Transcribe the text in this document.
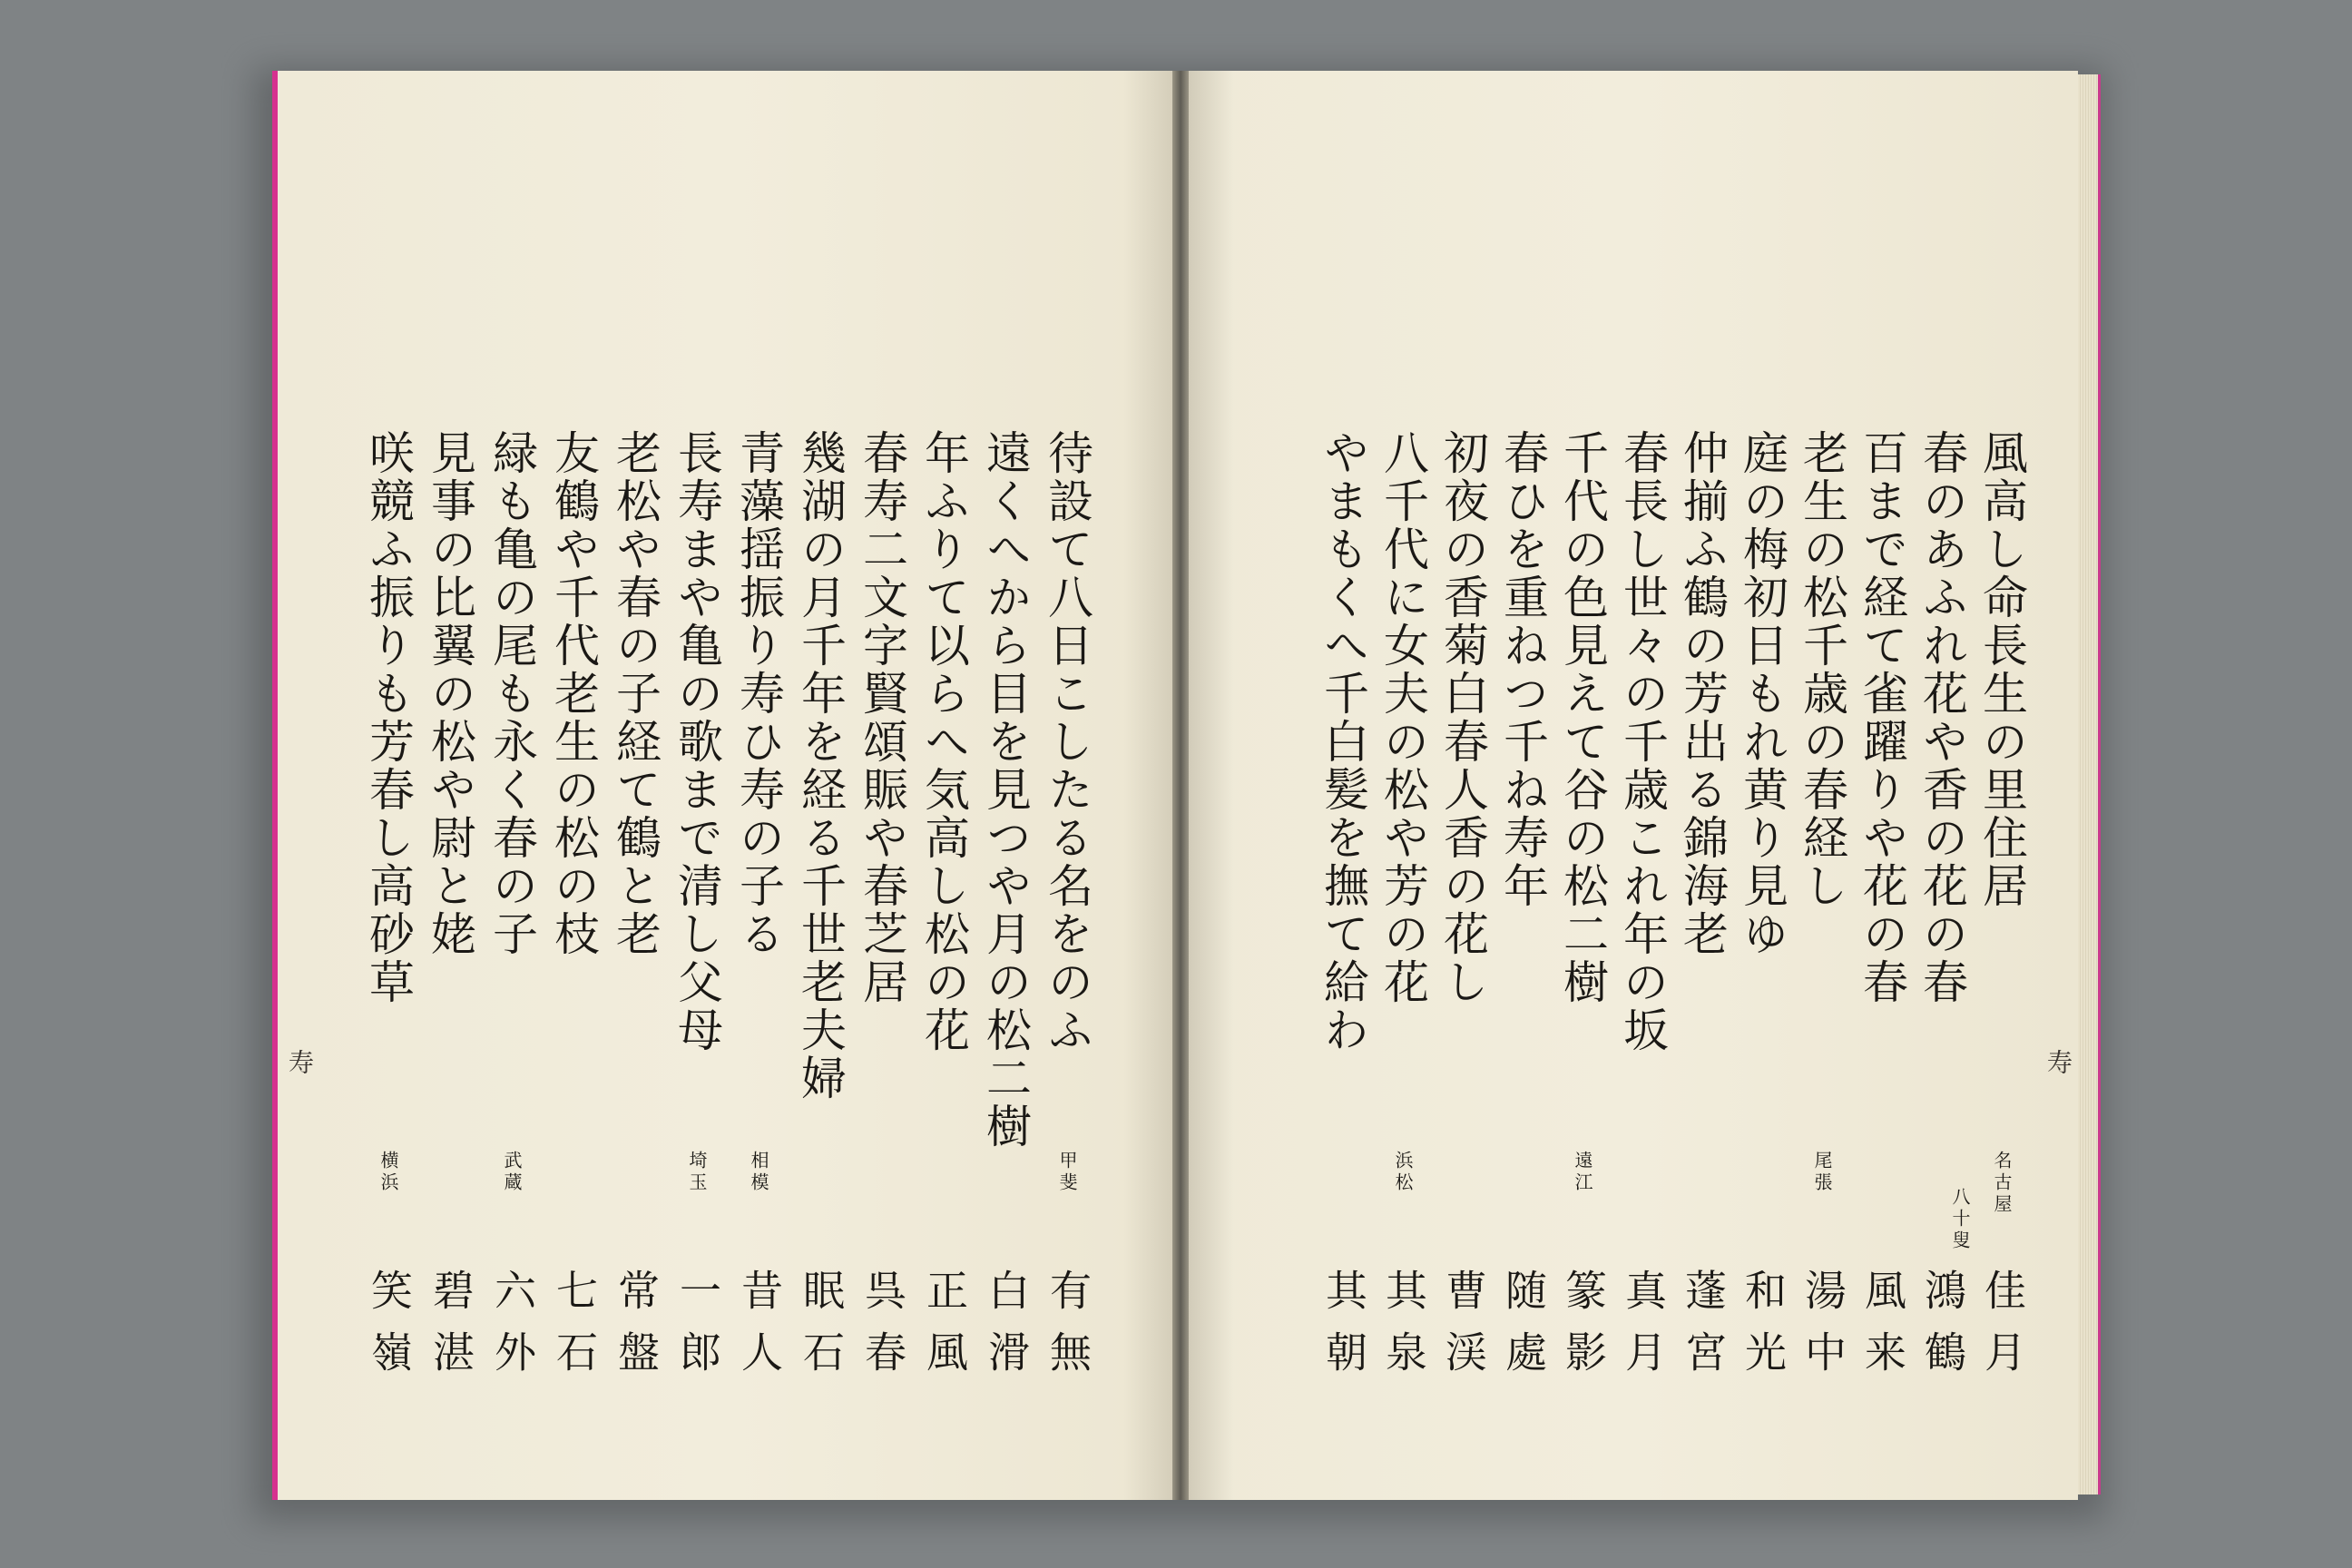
寿
待設て八日こしたる名をのふ
甲斐
有無
遠くへから目を見つや月の松二樹
白滑
年ふりて以らへ気高し松の花
正風
春寿二文字賢頌賑や春芝居
呉春
幾湖の月千年を経る千世老夫婦
眠石
青藻揺振り寿ひ寿の子る
相模
昔人
長寿まや亀の歌まで清し父母
埼玉
一郎
老松や春の子経て鶴と老
常盤
友鶴や千代老生の松の枝
七石
緑も亀の尾も永く春の子
武蔵
六外
見事の比翼の松や尉と姥
碧湛
咲競ふ振りも芳春し高砂草
横浜
笑嶺
風高し命長生の里住居
名古屋
佳月
春のあふれ花や香の花の春
八十叟
鴻鶴
百まで経て雀躍りや花の春
風来
老生の松千歳の春経し
尾張
湯中
庭の梅初日もれ黄り見ゆ
和光
仲揃ふ鶴の芳出る錦海老
蓬宮
春長し世々の千歳これ年の坂
真月
千代の色見えて谷の松二樹
遠江
篆影
春ひを重ねつ千ね寿年
随處
初夜の香菊白春人香の花し
曹渓
八千代に女夫の松や芳の花
浜松
其泉
やまもくへ千白髪を撫て給わ
其朝
寿
